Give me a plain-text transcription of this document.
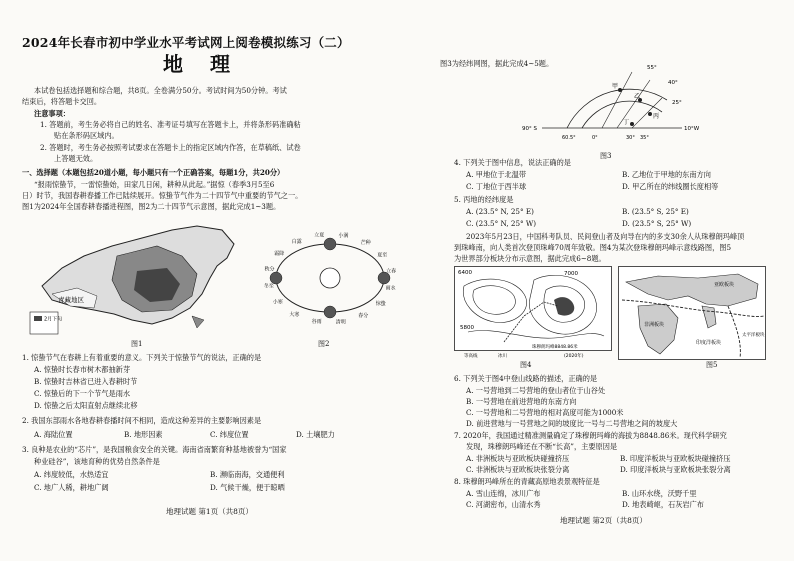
2024年长春市初中学业水平考试网上阅卷模拟练习（二）
地 理
本试卷包括选择题和综合题，共8页。全卷满分50分。考试时间为50分钟。考试
结束后，将答题卡交回。
注意事项：
1. 答题前，考生务必将自己的姓名、准考证号填写在答题卡上，并将条形码准确粘
贴在条形码区域内。
2. 答题时，考生务必按照考试要求在答题卡上的指定区域内作答，在草稿纸、试卷
上答题无效。
一、选择题（本题包括20道小题，每小题只有一个正确答案，每题1分，共20分）
“报雨惊蛰节，一雷惊蛰始，田家几日闲，耕种从此起。”据惊（春季3月5至6
日）时节，我国春耕春播工作已陆续展开。惊蛰节气作为二十四节气中重要的节气之一。
图1为2024年全国春耕春播进程图，图2为二十四节气示意图，据此完成1~3题。
2月下旬
青藏地区
图1
立夏	小满
芒种
夏至
立春
雨水
惊蛰
春分
清明
谷雨
大寒
小寒
冬至
秋分
霜降
白露
图2
1. 惊蛰节气在春耕上有着重要的意义。下列关于惊蛰节气的说法，正确的是
A. 惊蛰时长春市树木都抽新芽
B. 惊蛰时吉林省已进入春耕时节
C. 惊蛰后的下一个节气是雨水
D. 惊蛰之后太阳直射点继续北移
2. 我国东部雨水各地春耕春播时间不相同，造成这种差异的主要影响因素是
A. 海陆位置	B. 地形因素	C. 纬度位置	D. 土壤肥力
3. 良种是农业的“芯片”，是我国粮食安全的关键。海南省南繁育种基地被誉为“国家
种业硅谷”，该地育种的优势自然条件是
A. 纬度较低，水热适宜	B. 濒临南海，交通便利
C. 地广人稀，耕地广阔	D. 气候干燥，便于晾晒
地理试题 第1页（共8页）
图3为经纬网图，据此完成4~5题。	55°
40°
25°
90° S	10°W
甲
乙
丙
丁
60.5°	0°	30° 35°
图3
4. 下列关于图中信息，说法正确的是
A. 甲地位于北温带	B. 乙地位于甲地的东南方向
C. 丁地位于西半球	D. 甲乙所在的纬线圈长度相等
5. 丙地的经纬度是
A. (23.5° N, 25° E)	B. (23.5° S, 25° E)
C. (23.5° N, 25° W)	D. (23.5° S, 25° W)
2023年5月23日，中国科考队员、民间登山者及向导在内的多支30余人从珠穆朗玛峰顶
到珠峰南，向人类首次登顶珠峰70周年致敬。图4为某次登珠穆朗玛峰示意线路图，图5
为世界部分板块分布示意图，据此完成6~8题。
6400	7000
5800
珠穆朗玛峰8848.86米
(2020年)
等高线	冰川
图4
亚欧板块
非洲板块
印度洋板块
太平洋板块
图5
6. 下列关于图4中登山线路的描述，正确的是
A. 一号营地到二号营地的登山者位于山谷处
B. 一号营地在前进营地的东南方向
C. 一号营地和二号营地的相对高度可能为1000米
D. 前进营地与一号营地之间的坡度比一号与二号营地之间的坡度大
7. 2020年，我国通过精准测量确定了珠穆朗玛峰的海拔为8848.86米。现代科学研究
发现，珠穆朗玛峰还在不断“长高”，主要原因是
A. 非洲板块与亚欧板块碰撞挤压	B. 印度洋板块与亚欧板块碰撞挤压
C. 非洲板块与亚欧板块张裂分离	D. 印度洋板块与亚欧板块张裂分离
8. 珠穆朗玛峰所在的青藏高原地表景观特征是
A. 雪山连绵，冰川广布	B. 山环水绕，沃野千里
C. 河湖密布，山清水秀	D. 地表崎岖，石灰岩广布
地理试题 第2页（共8页）
